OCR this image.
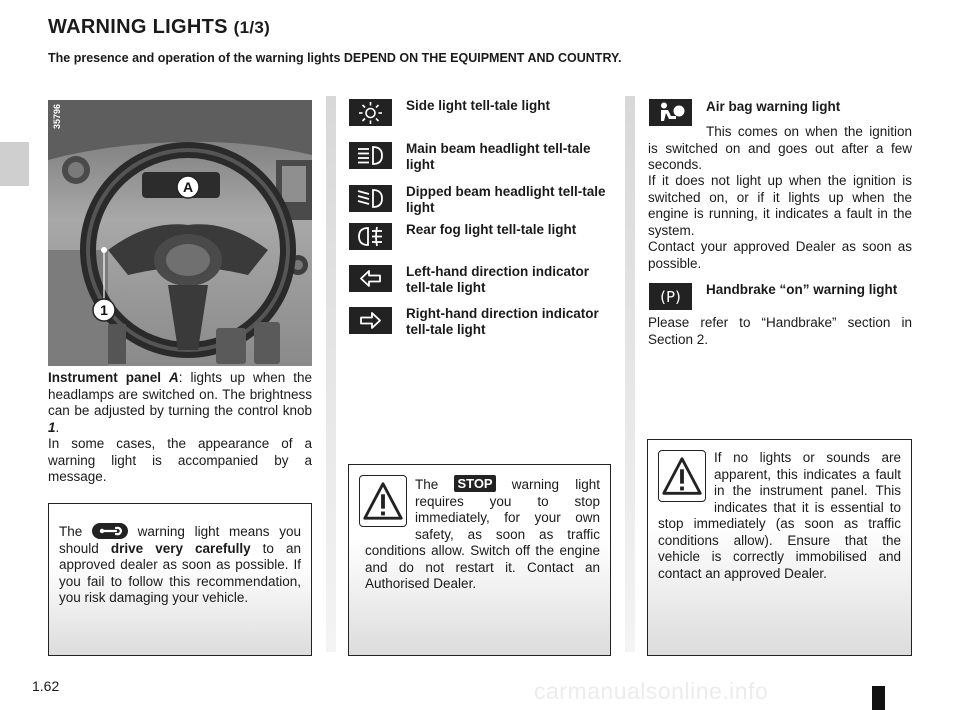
WARNING LIGHTS (1/3)
The presence and operation of the warning lights DEPEND ON THE EQUIPMENT AND COUNTRY.
A
1
35796

Instrument panel A: lights up when the headlamps are switched on. The brightness can be adjusted by turning the control knob 1.

In some cases, the appearance of a warning light is accompanied by a message.

The	warning light means you should drive very carefully to an approved dealer as soon as possible. If you fail to follow this recommendation, you risk damaging your vehicle.
Side light tell-tale light
Main beam headlight tell-tale light
Dipped beam headlight tell-tale light
Rear fog light tell-tale light
Left-hand direction indicator tell-tale light
Right-hand direction indicator tell-tale light
The STOP warning light requires you to stop immediately, for your own safety, as soon as traffic conditions allow. Switch off the engine and do not restart it. Contact an Authorised Dealer.
Air bag warning light
This comes on when the ignition is switched on and goes out after a few seconds.
If it does not light up when the ignition is switched on, or if it lights up when the engine is running, it indicates a fault in the system.
Contact your approved Dealer as soon as possible.
(P) Handbrake “on” warning light
Please refer to “Handbrake” section in Section 2.
If no lights or sounds are apparent, this indicates a fault in the instrument panel. This indicates that it is essential to stop immediately (as soon as traffic conditions allow). Ensure that the vehicle is correctly immobilised and contact an approved Dealer.
1.62	carmanualsonline.info
